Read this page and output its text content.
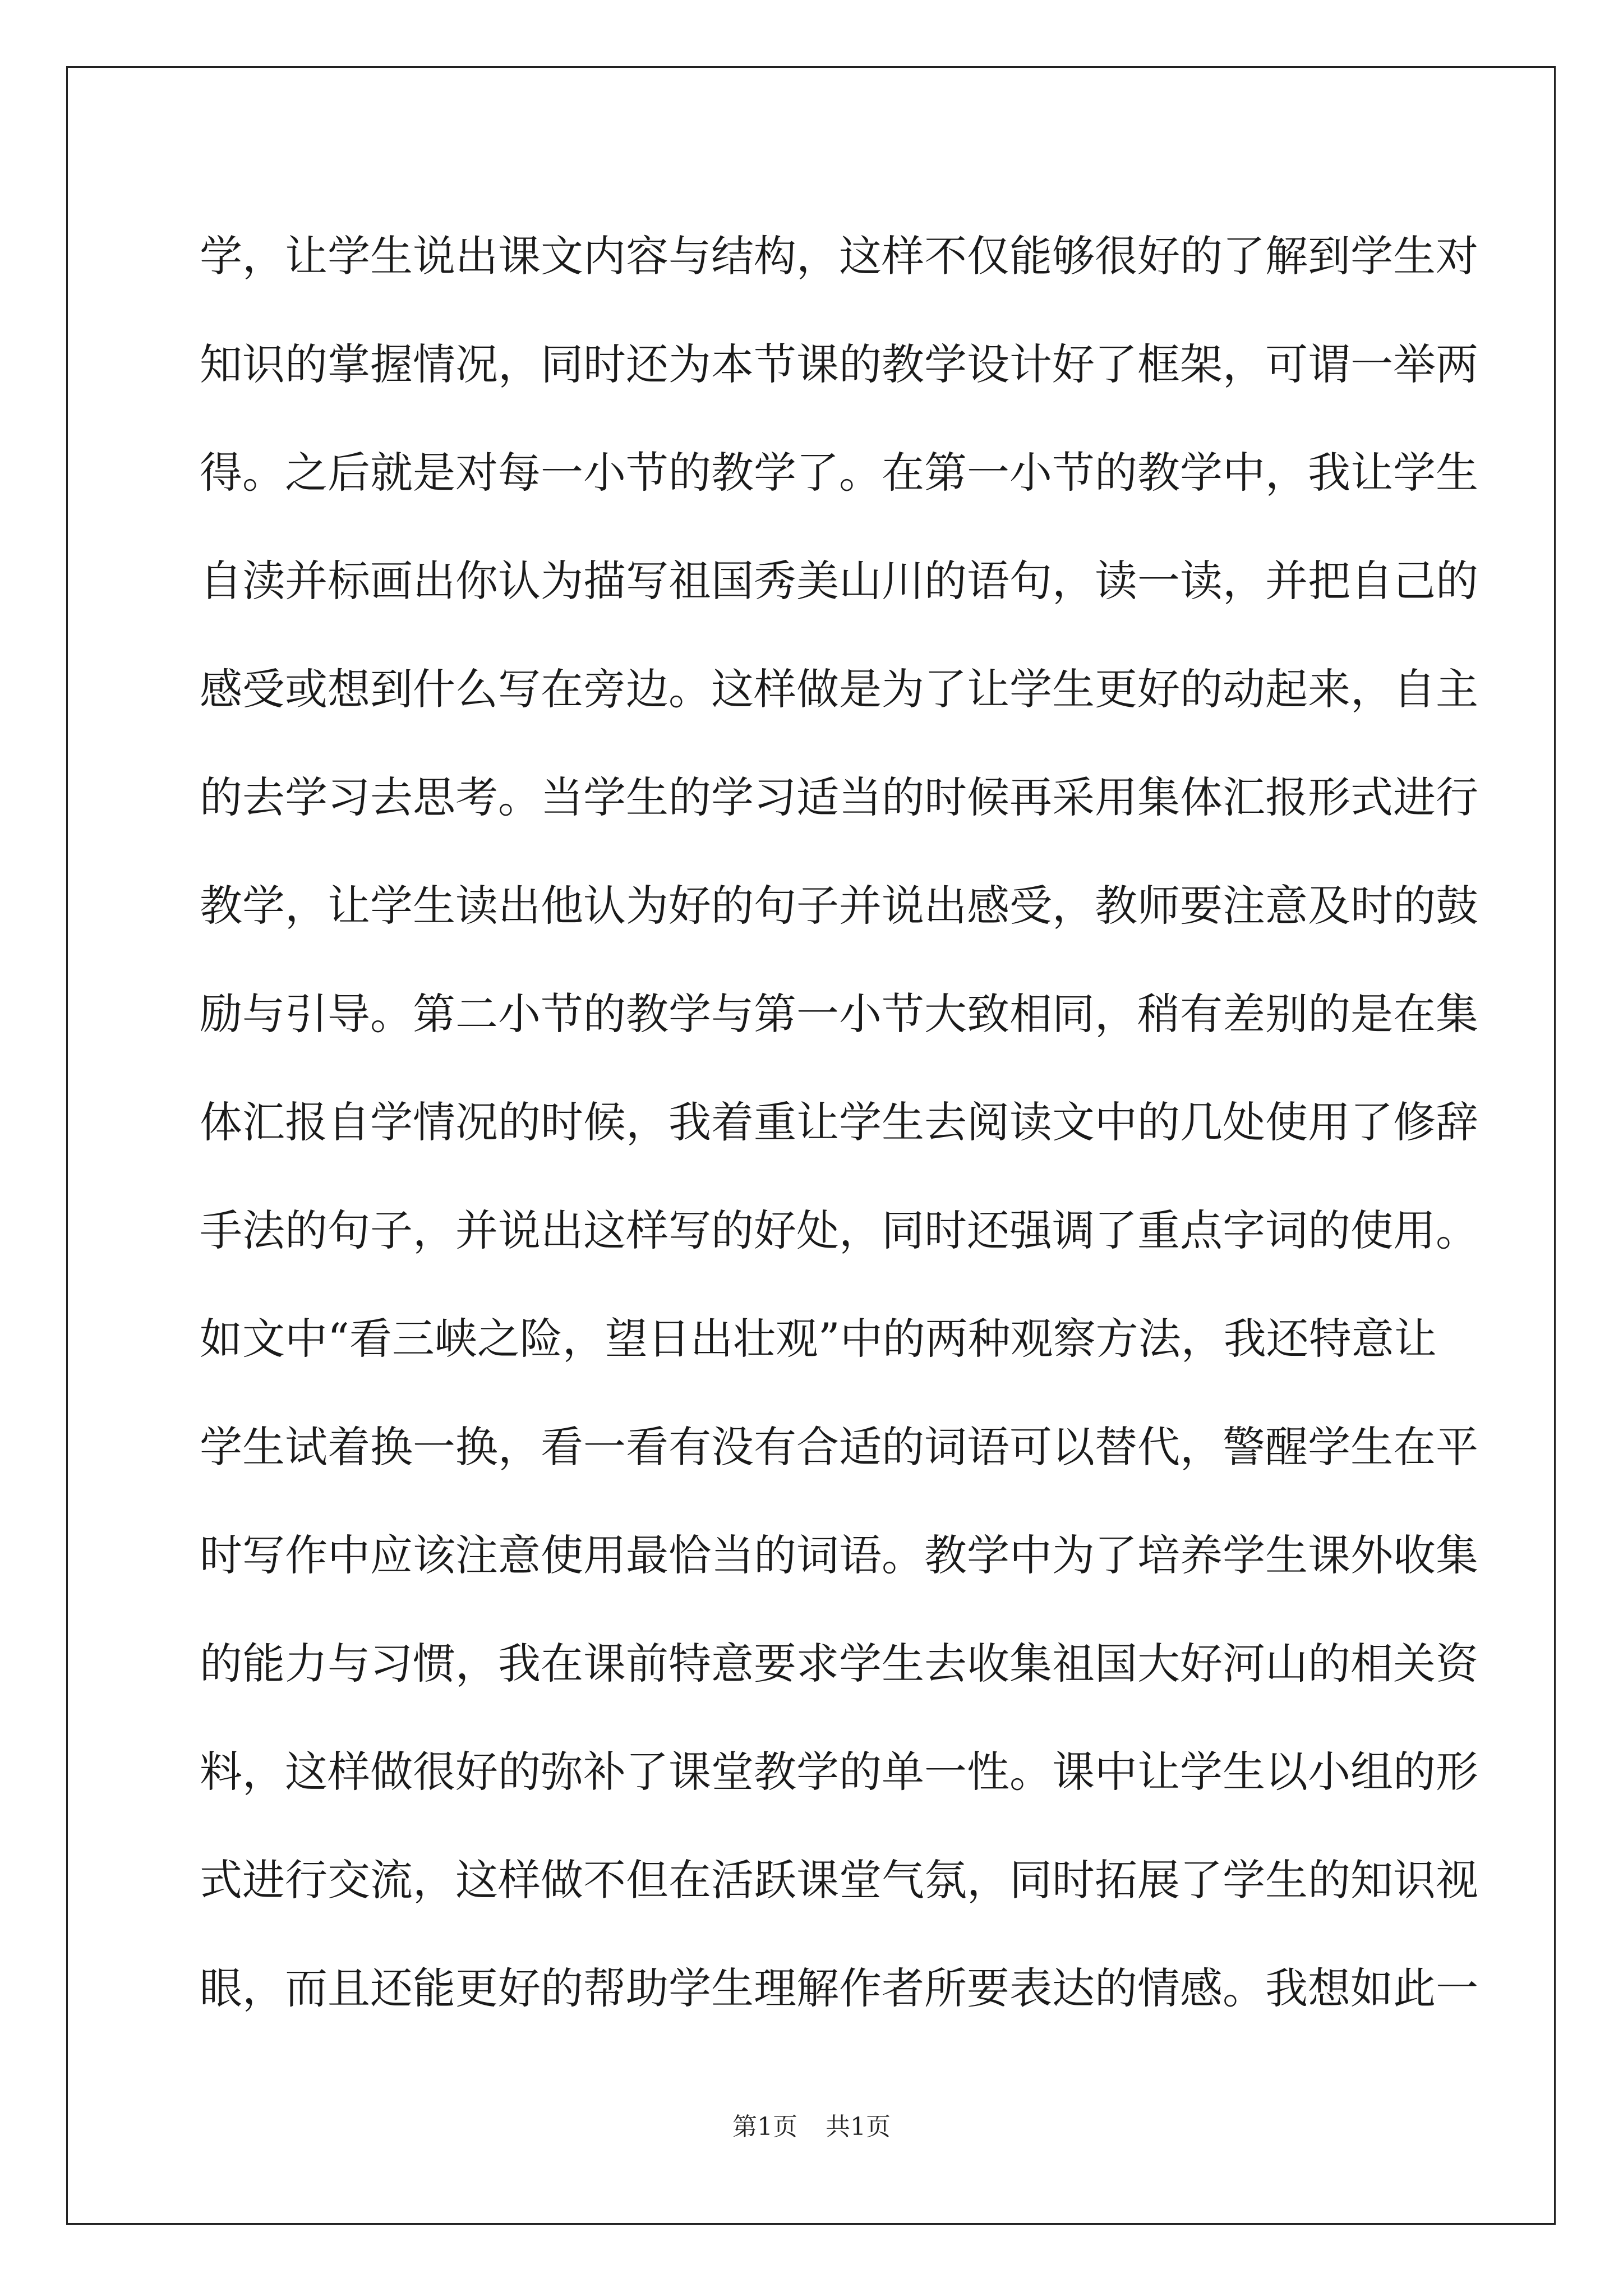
学，让学生说出课文内容与结构，这样不仅能够很好的了解到学生对
知识的掌握情况，同时还为本节课的教学设计好了框架，可谓一举两
得。之后就是对每一小节的教学了。在第一小节的教学中，我让学生
自渎并标画出你认为描写祖国秀美山川的语句，读一读，并把自己的
感受或想到什么写在旁边。这样做是为了让学生更好的动起来，自主
的去学习去思考。当学生的学习适当的时候再采用集体汇报形式进行
教学，让学生读出他认为好的句子并说出感受，教师要注意及时的鼓
励与引导。第二小节的教学与第一小节大致相同，稍有差别的是在集
体汇报自学情况的时候，我着重让学生去阅读文中的几处使用了修辞
手法的句子，并说出这样写的好处，同时还强调了重点字词的使用。
如文中“看三峡之险，望日出壮观”中的两种观察方法，我还特意让
学生试着换一换，看一看有没有合适的词语可以替代，警醒学生在平
时写作中应该注意使用最恰当的词语。教学中为了培养学生课外收集
的能力与习惯，我在课前特意要求学生去收集祖国大好河山的相关资
料，这样做很好的弥补了课堂教学的单一性。课中让学生以小组的形
式进行交流，这样做不但在活跃课堂气氛，同时拓展了学生的知识视
眼，而且还能更好的帮助学生理解作者所要表达的情感。我想如此一
第1页 共1页
